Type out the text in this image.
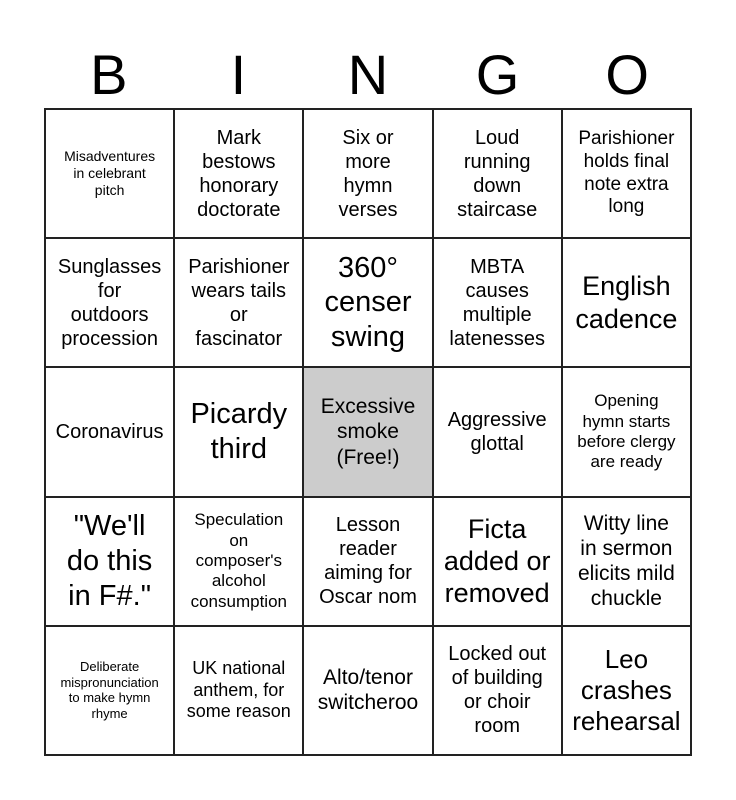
B	I	N	G	O
Misadventures
in celebrant
pitch
Mark
bestows
honorary
doctorate
Six or
more
hymn
verses
Loud
running
down
staircase
Parishioner
holds final
note extra
long
Sunglasses
for
outdoors
procession
Parishioner
wears tails
or
fascinator
360°
censer
swing
MBTA
causes
multiple
latenesses
English
cadence
Coronavirus
Picardy
third
Excessive
smoke
(Free!)
Aggressive
glottal
Opening
hymn starts
before clergy
are ready
"We'll
do this
in F#."
Speculation
on
composer's
alcohol
consumption
Lesson
reader
aiming for
Oscar nom
Ficta
added or
removed
Witty line
in sermon
elicits mild
chuckle
Deliberate
mispronunciation
to make hymn
rhyme
UK national
anthem, for
some reason
Alto/tenor
switcheroo
Locked out
of building
or choir
room
Leo
crashes
rehearsal
